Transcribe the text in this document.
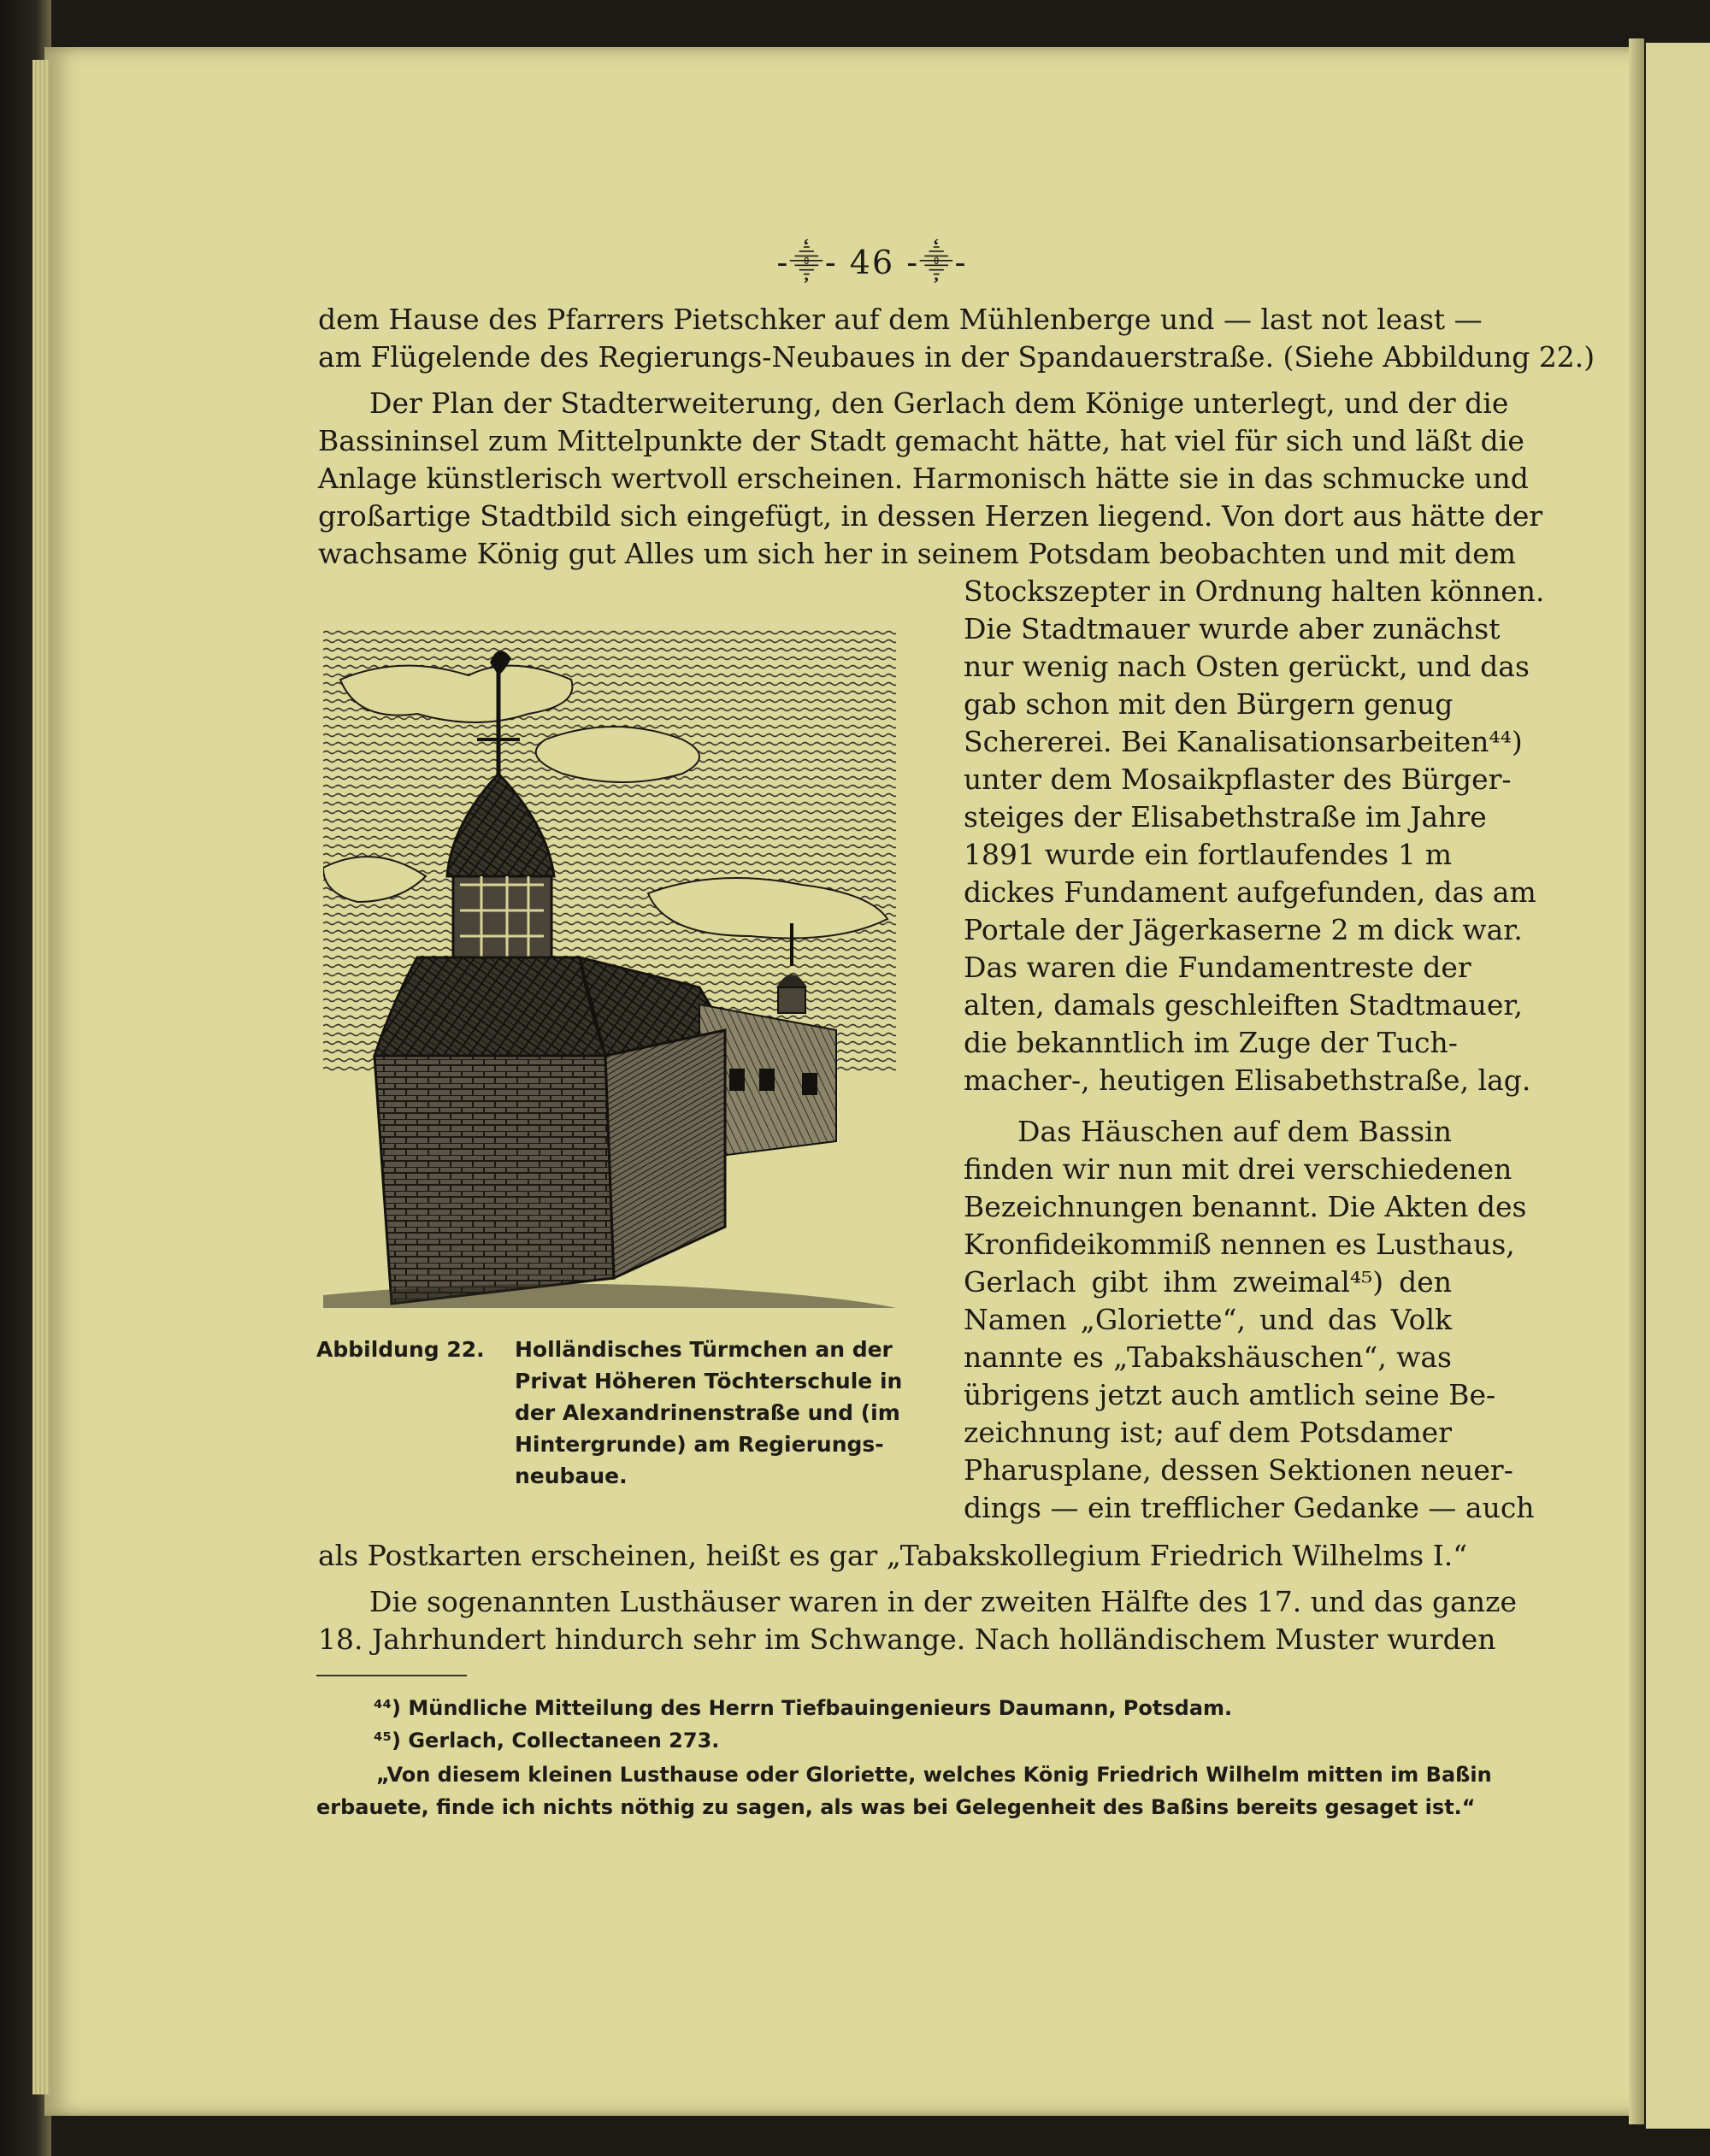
-⸎- 46 -⸎-
dem Hause des Pfarrers Pietschker auf dem Mühlenberge und — last not least —
am Flügelende des Regierungs-Neubaues in der Spandauerstraße. (Siehe Abbildung 22.)
Der Plan der Stadterweiterung, den Gerlach dem Könige unterlegt, und der die
Bassininsel zum Mittelpunkte der Stadt gemacht hätte, hat viel für sich und läßt die
Anlage künstlerisch wertvoll erscheinen. Harmonisch hätte sie in das schmucke und
großartige Stadtbild sich eingefügt, in dessen Herzen liegend. Von dort aus hätte der
wachsame König gut Alles um sich her in seinem Potsdam beobachten und mit dem
Stockszepter in Ordnung halten können.
Die Stadtmauer wurde aber zunächst
nur wenig nach Osten gerückt, und das
gab schon mit den Bürgern genug
Schererei. Bei Kanalisationsarbeiten⁴⁴)
unter dem Mosaikpflaster des Bürger-
steiges der Elisabethstraße im Jahre
1891 wurde ein fortlaufendes 1 m
dickes Fundament aufgefunden, das am
Portale der Jägerkaserne 2 m dick war.
Das waren die Fundamentreste der
alten, damals geschleiften Stadtmauer,
die bekanntlich im Zuge der Tuch-
macher-, heutigen Elisabethstraße, lag.
Das Häuschen auf dem Bassin
finden wir nun mit drei verschiedenen
Bezeichnungen benannt. Die Akten des
Kronfideikommiß nennen es Lusthaus,
Gerlach gibt ihm zweimal⁴⁵) den
Namen „Gloriette“, und das Volk
nannte es „Tabakshäuschen“, was
übrigens jetzt auch amtlich seine Be-
zeichnung ist; auf dem Potsdamer
Pharusplane, dessen Sektionen neuer-
dings — ein trefflicher Gedanke — auch
als Postkarten erscheinen, heißt es gar „Tabakskollegium Friedrich Wilhelms I.“
Die sogenannten Lusthäuser waren in der zweiten Hälfte des 17. und das ganze
18. Jahrhundert hindurch sehr im Schwange. Nach holländischem Muster wurden
Abbildung 22. Holländisches Türmchen an der
Privat Höheren Töchterschule in
der Alexandrinenstraße und (im
Hintergrunde) am Regierungs-
neubaue.
⁴⁴) Mündliche Mitteilung des Herrn Tiefbauingenieurs Daumann, Potsdam.
⁴⁵) Gerlach, Collectaneen 273.
„Von diesem kleinen Lusthause oder Gloriette, welches König Friedrich Wilhelm mitten im Baßin
erbauete, finde ich nichts nöthig zu sagen, als was bei Gelegenheit des Baßins bereits gesaget ist.“
